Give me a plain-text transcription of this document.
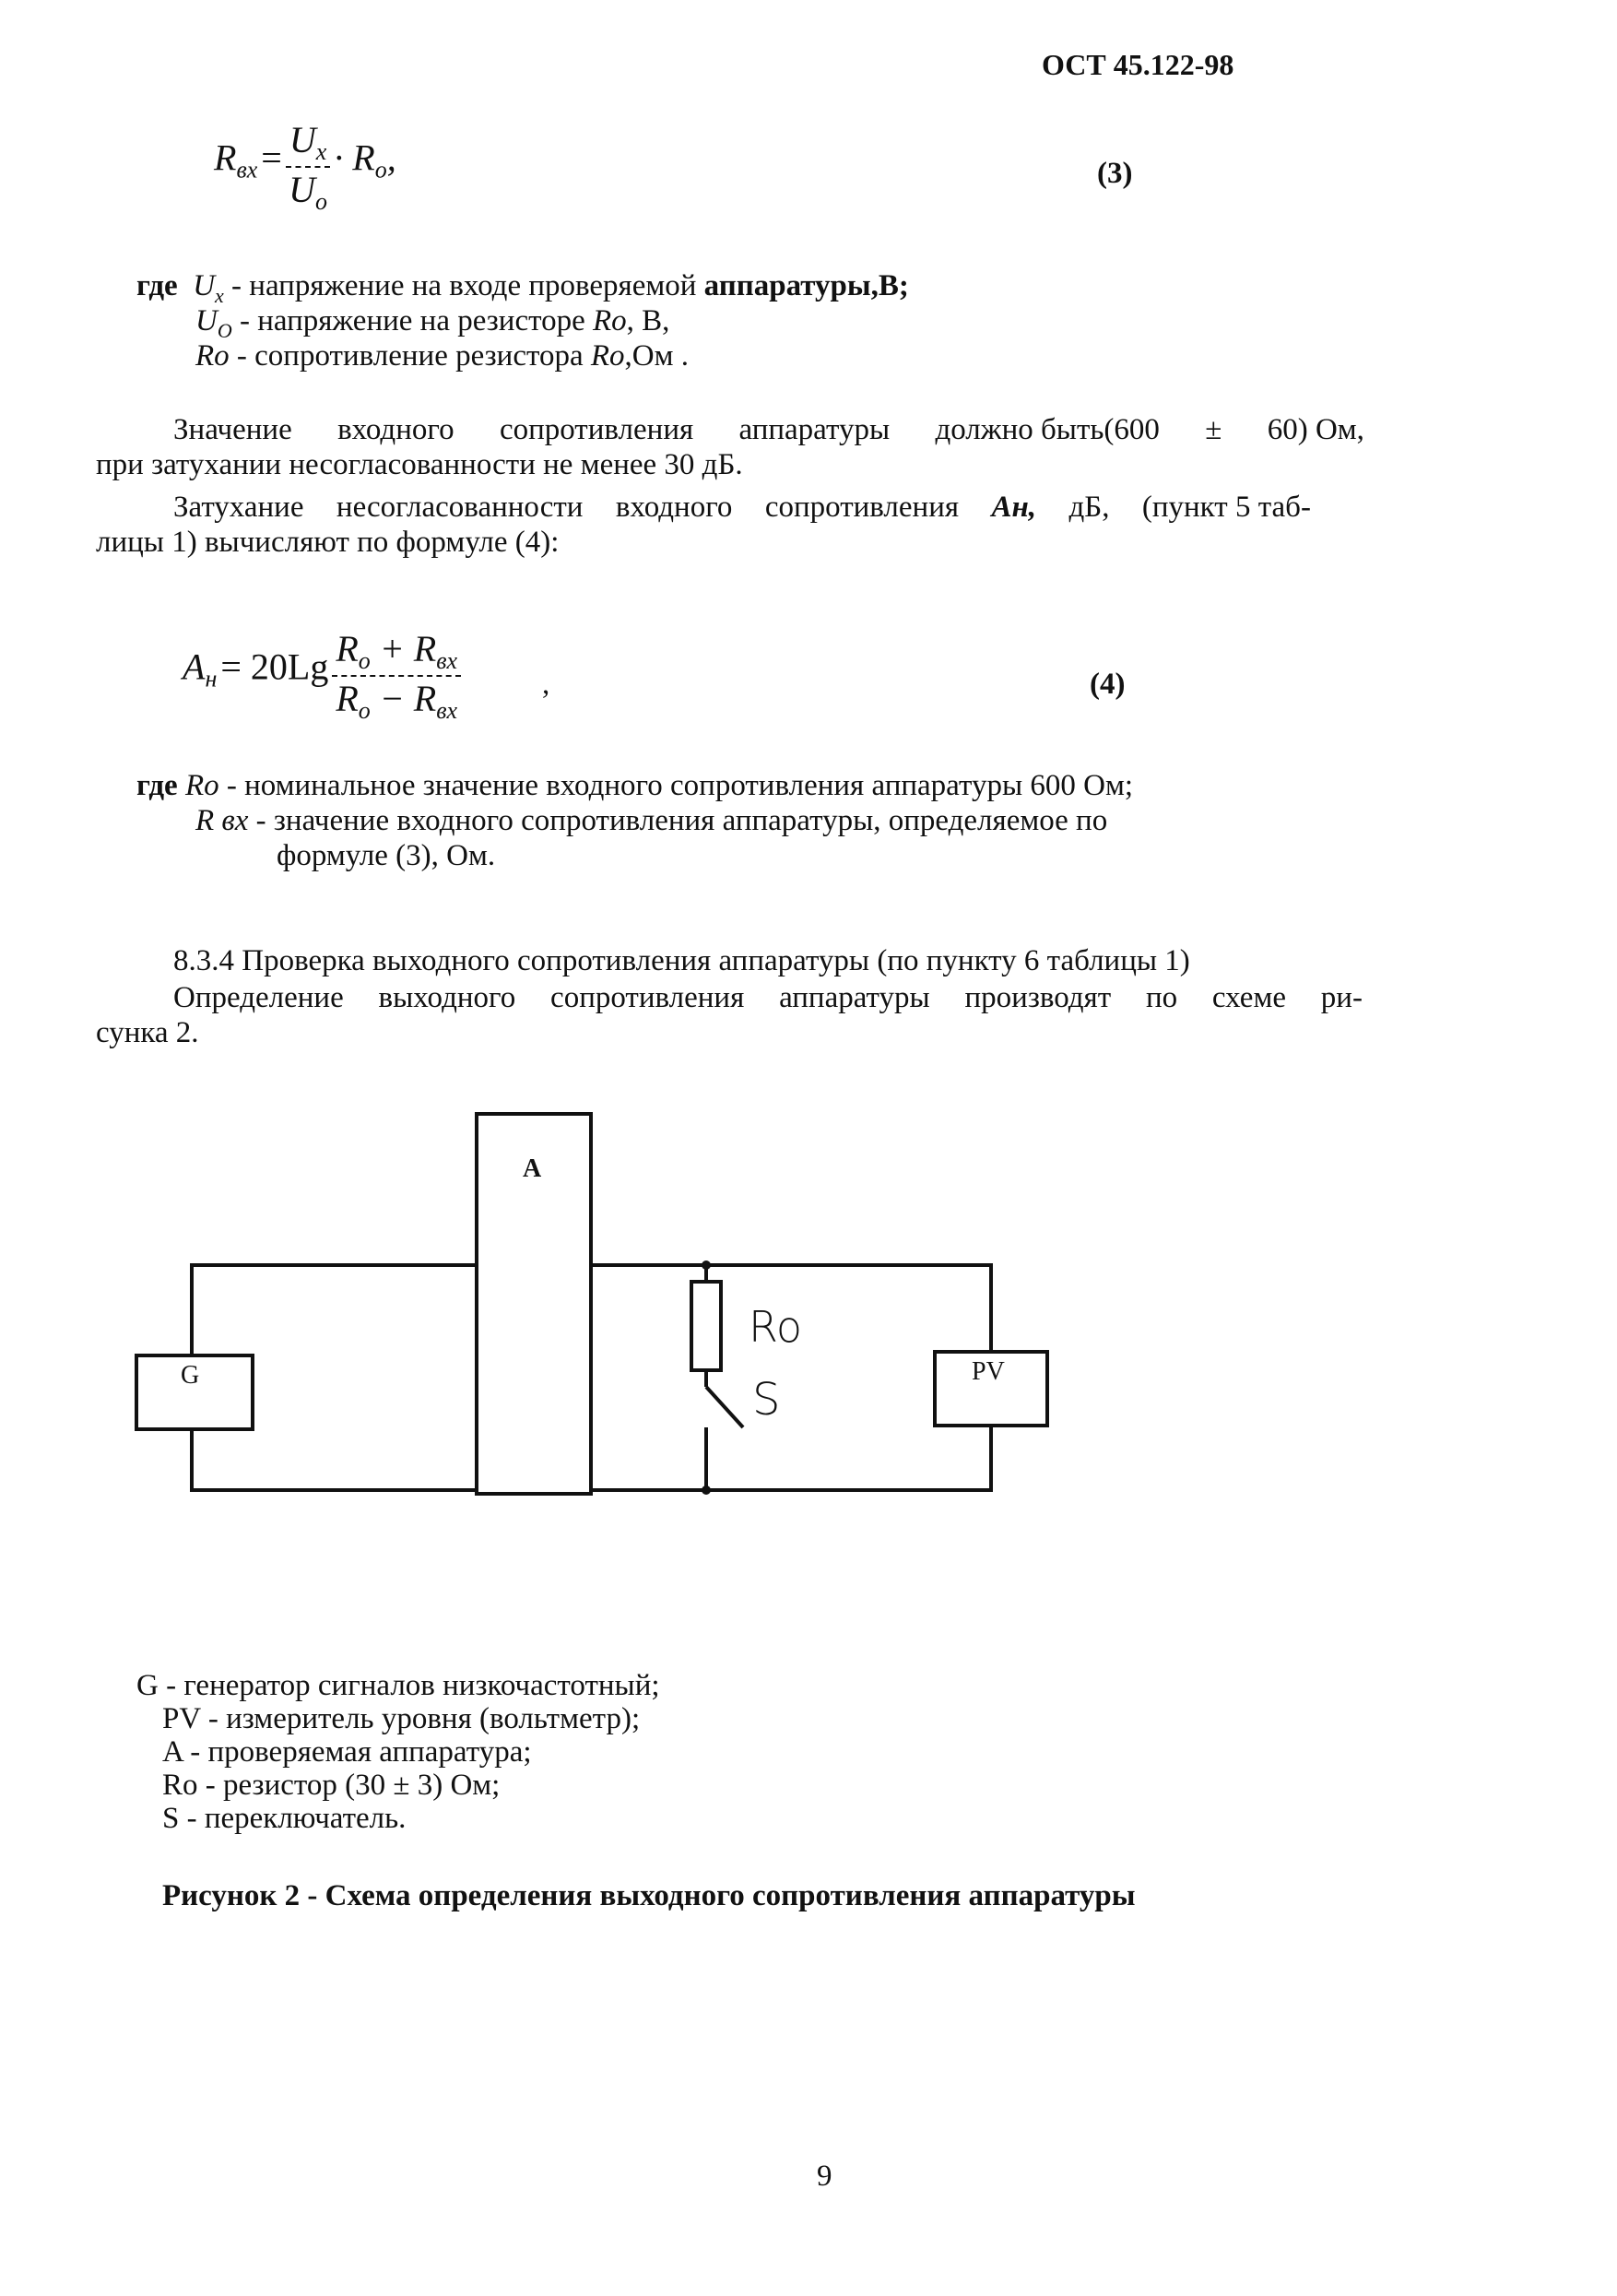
ОСТ 45.122-98
Rвх = $\frac{U_x}{U_o} \cdot Ro$,	(3)
где $U_x$ - напряжение на входе проверяемой аппаратуры,В;
$U_O$ - напряжение на резисторе Ro, В,
Ro - сопротивление резистора Ro,Ом .
Значение входного сопротивления аппаратуры должно быть(600 ± 60) Ом,
при затухании несогласованности не менее 30 дБ.
Затухание несогласованности входного сопротивления Ан, дБ, (пункт 5 таб-
лицы 1) вычисляют по формуле (4):
Aн = $20Lg \frac{R_o + R_{вх}}{R_o - R_{вх}}$	,	(4)
где Ro - номинальное значение входного сопротивления аппаратуры 600 Ом;
R вх - значение входного сопротивления аппаратуры, определяемое по
формуле (3), Ом.
8.3.4 Проверка выходного сопротивления аппаратуры (по пункту 6 таблицы 1)
Определение выходного сопротивления аппаратуры производят по схеме ри-
сунка 2.
A
G	PV
Ro
S
G - генератор сигналов низкочастотный;
PV - измеритель уровня (вольтметр);
A - проверяемая аппаратура;
Ro - резистор (30 ± 3) Ом;
S - переключатель.
Рисунок 2 - Схема определения выходного сопротивления аппаратуры
9
